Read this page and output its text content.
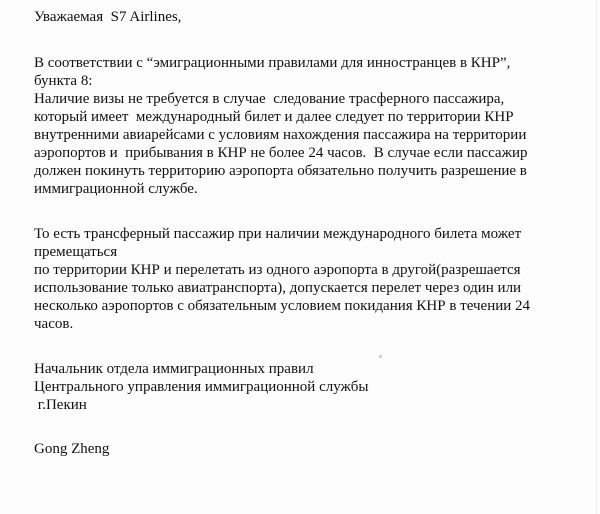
Уважаемая  S7 Airlines,
В соответствии с “эмиграционными правилами для инностранцев в КНР”,
бункта 8:
Наличие визы не требуется в случае  следование трасферного пассажира,
который имеет  международный билет и далее следует по территории КНР
внутренними авиарейсами с условиям нахождения пассажира на территории
аэропортов и  прибывания в КНР не более 24 часов.  В случае если пассажир
должен покинуть территорию аэропорта обязательно получить разрешение в
иммиграционной службе.
То есть трансферный пассажир при наличии международного билета может
премещаться
по территории КНР и перелетать из одного аэропорта в другой(разрешается
использование только авиатранспорта), допускается перелет через один или
несколько аэропортов с обязательным условием покидания КНР в течении 24
часов.
Начальник отдела иммиграционных правил
Центрального управления иммиграционной службы
г.Пекин
Gong Zheng
